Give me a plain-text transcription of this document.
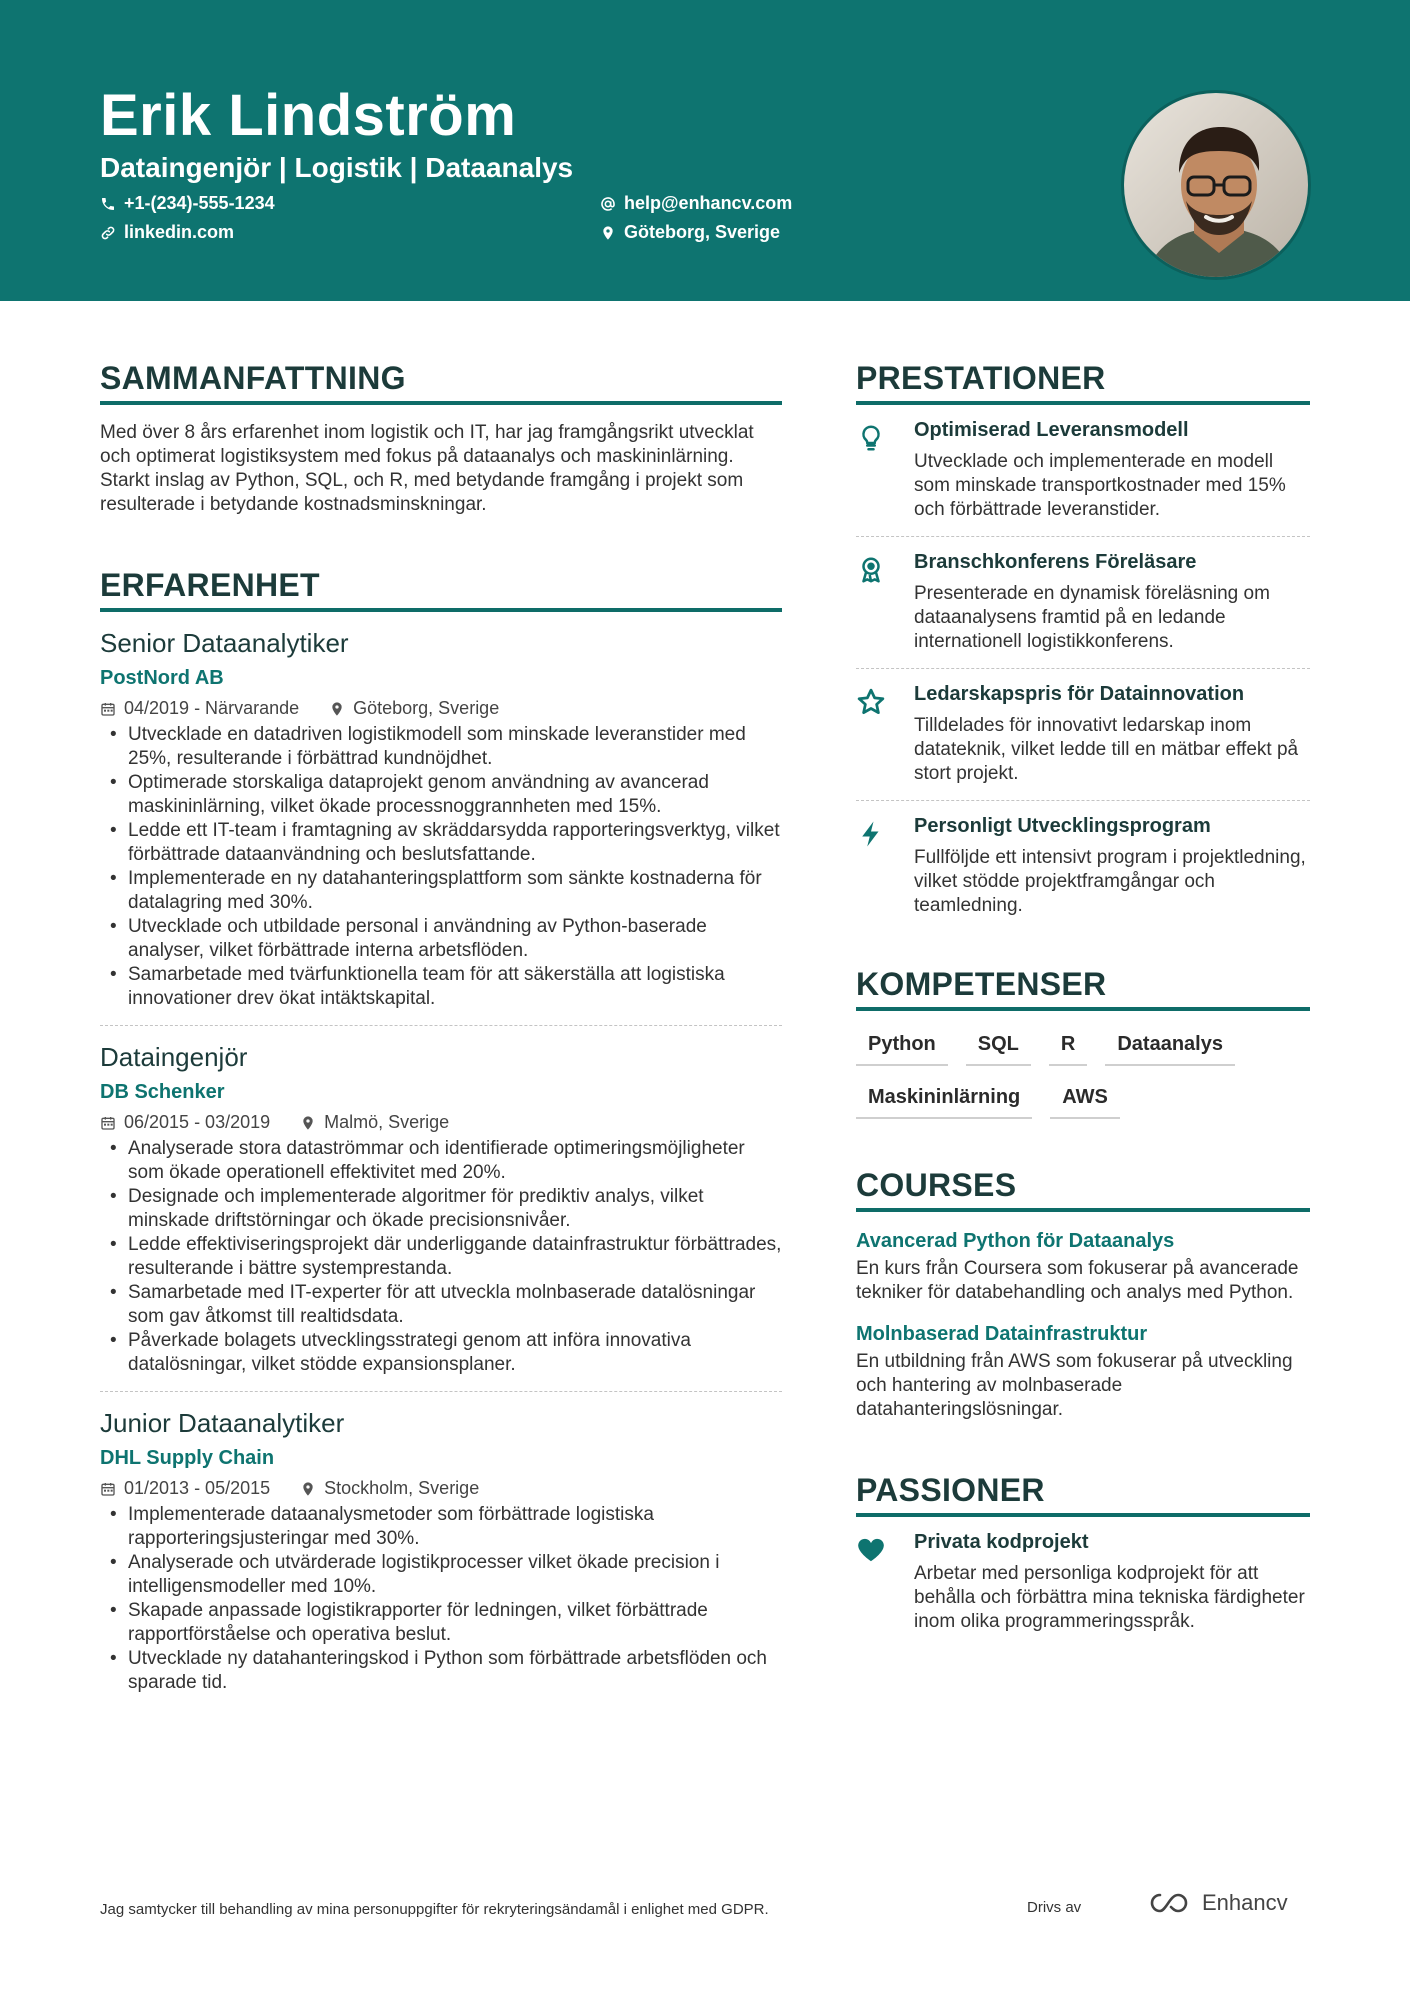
Erik Lindström
Dataingenjör | Logistik | Dataanalys
+1-(234)-555-1234	help@enhancv.com
linkedin.com	Göteborg, Sverige
SAMMANFATTNING
Med över 8 års erfarenhet inom logistik och IT, har jag framgångsrikt utvecklat och optimerat logistiksystem med fokus på dataanalys och maskininlärning. Starkt inslag av Python, SQL, och R, med betydande framgång i projekt som resulterade i betydande kostnadsminskningar.
ERFARENHET
Senior Dataanalytiker
PostNord AB
04/2019 - Närvarande	Göteborg, Sverige
• Utvecklade en datadriven logistikmodell som minskade leveranstider med 25%, resulterande i förbättrad kundnöjdhet.
• Optimerade storskaliga dataprojekt genom användning av avancerad maskininlärning, vilket ökade processnoggrannheten med 15%.
• Ledde ett IT-team i framtagning av skräddarsydda rapporteringsverktyg, vilket förbättrade dataanvändning och beslutsfattande.
• Implementerade en ny datahanteringsplattform som sänkte kostnaderna för datalagring med 30%.
• Utvecklade och utbildade personal i användning av Python-baserade analyser, vilket förbättrade interna arbetsflöden.
• Samarbetade med tvärfunktionella team för att säkerställa att logistiska innovationer drev ökat intäktskapital.
Dataingenjör
DB Schenker
06/2015 - 03/2019	Malmö, Sverige
• Analyserade stora dataströmmar och identifierade optimeringsmöjligheter som ökade operationell effektivitet med 20%.
• Designade och implementerade algoritmer för prediktiv analys, vilket minskade driftstörningar och ökade precisionsnivåer.
• Ledde effektiviseringsprojekt där underliggande datainfrastruktur förbättrades, resulterande i bättre systemprestanda.
• Samarbetade med IT-experter för att utveckla molnbaserade datalösningar som gav åtkomst till realtidsdata.
• Påverkade bolagets utvecklingsstrategi genom att införa innovativa datalösningar, vilket stödde expansionsplaner.
Junior Dataanalytiker
DHL Supply Chain
01/2013 - 05/2015	Stockholm, Sverige
• Implementerade dataanalysmetoder som förbättrade logistiska rapporteringsjusteringar med 30%.
• Analyserade och utvärderade logistikprocesser vilket ökade precision i intelligensmodeller med 10%.
• Skapade anpassade logistikrapporter för ledningen, vilket förbättrade rapportförståelse och operativa beslut.
• Utvecklade ny datahanteringskod i Python som förbättrade arbetsflöden och sparade tid.
PRESTATIONER
Optimiserad Leveransmodell
Utvecklade och implementerade en modell som minskade transportkostnader med 15% och förbättrade leveranstider.
Branschkonferens Föreläsare
Presenterade en dynamisk föreläsning om dataanalysens framtid på en ledande internationell logistikkonferens.
Ledarskapspris för Datainnovation
Tilldelades för innovativt ledarskap inom datateknik, vilket ledde till en mätbar effekt på stort projekt.
Personligt Utvecklingsprogram
Fullföljde ett intensivt program i projektledning, vilket stödde projektframgångar och teamledning.
KOMPETENSER
Python	SQL	R	Dataanalys
Maskininlärning	AWS
COURSES
Avancerad Python för Dataanalys
En kurs från Coursera som fokuserar på avancerade tekniker för databehandling och analys med Python.
Molnbaserad Datainfrastruktur
En utbildning från AWS som fokuserar på utveckling och hantering av molnbaserade datahanteringslösningar.
PASSIONER
Privata kodprojekt
Arbetar med personliga kodprojekt för att behålla och förbättra mina tekniska färdigheter inom olika programmeringsspråk.
Jag samtycker till behandling av mina personuppgifter för rekryteringsändamål i enlighet med GDPR.	Drivs av	Enhancv
